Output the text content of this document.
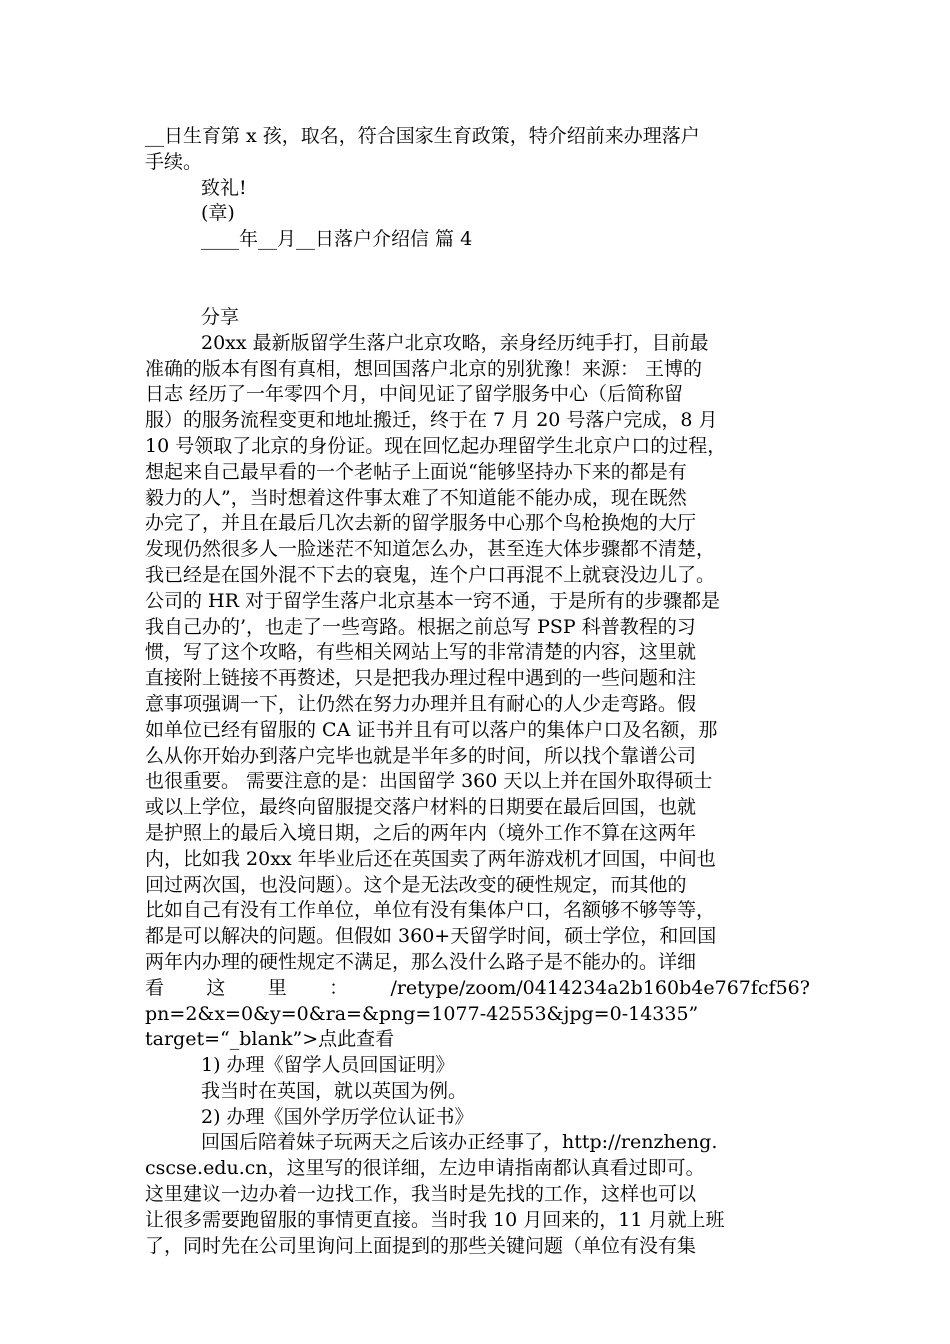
__日生育第 x 孩，取名，符合国家生育政策，特介绍前来办理落户
手续。
致礼!
(章)
____年__月__日落户介绍信 篇 4
分享
20xx 最新版留学生落户北京攻略，亲身经历纯手打，目前最
准确的版本有图有真相，想回国落户北京的别犹豫！来源： 王博的
日志 经历了一年零四个月，中间见证了留学服务中心（后简称留
服）的服务流程变更和地址搬迁，终于在 7 月 20 号落户完成，8 月
10 号领取了北京的身份证。现在回忆起办理留学生北京户口的过程，
想起来自己最早看的一个老帖子上面说“能够坚持办下来的都是有
毅力的人”，当时想着这件事太难了不知道能不能办成，现在既然
办完了，并且在最后几次去新的留学服务中心那个鸟枪换炮的大厅
发现仍然很多人一脸迷茫不知道怎么办，甚至连大体步骤都不清楚，
我已经是在国外混不下去的衰鬼，连个户口再混不上就衰没边儿了。
公司的 HR 对于留学生落户北京基本一窍不通，于是所有的步骤都是
我自己办的’，也走了一些弯路。根据之前总写 PSP 科普教程的习
惯，写了这个攻略，有些相关网站上写的非常清楚的内容，这里就
直接附上链接不再赘述，只是把我办理过程中遇到的一些问题和注
意事项强调一下，让仍然在努力办理并且有耐心的人少走弯路。假
如单位已经有留服的 CA 证书并且有可以落户的集体户口及名额，那
么从你开始办到落户完毕也就是半年多的时间，所以找个靠谱公司
也很重要。 需要注意的是：出国留学 360 天以上并在国外取得硕士
或以上学位，最终向留服提交落户材料的日期要在最后回国，也就
是护照上的最后入境日期，之后的两年内（境外工作不算在这两年
内，比如我 20xx 年毕业后还在英国卖了两年游戏机才回国，中间也
回过两次国，也没问题）。这个是无法改变的硬性规定，而其他的
比如自己有没有工作单位，单位有没有集体户口，名额够不够等等，
都是可以解决的问题。但假如 360+天留学时间，硕士学位，和回国
两年内办理的硬性规定不满足，那么没什么路子是不能办的。详细
看 这 里 ： /retype/zoom/0414234a2b160b4e767fcf56?
pn=2&x=0&y=0&ra=&png=1077-42553&jpg=0-14335”
target=“_blank”>点此查看
1) 办理《留学人员回国证明》
我当时在英国，就以英国为例。
2) 办理《国外学历学位认证书》
回国后陪着妹子玩两天之后该办正经事了，http://renzheng.
cscse.edu.cn，这里写的很详细，左边申请指南都认真看过即可。
这里建议一边办着一边找工作，我当时是先找的工作，这样也可以
让很多需要跑留服的事情更直接。当时我 10 月回来的，11 月就上班
了，同时先在公司里询问上面提到的那些关键问题（单位有没有集
